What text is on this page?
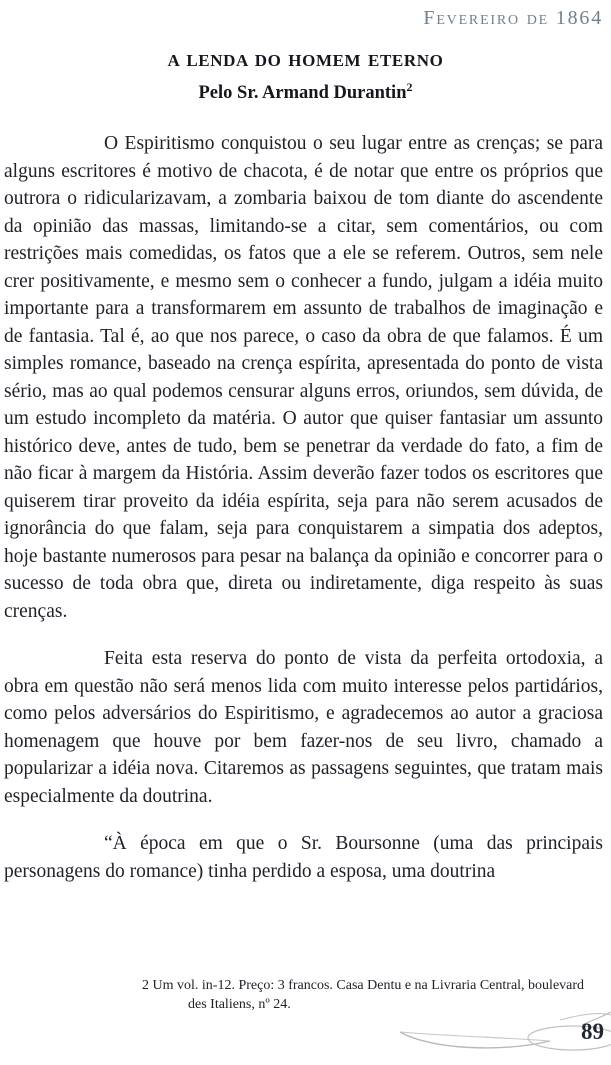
Fevereiro de 1864
A LENDA DO HOMEM ETERNO
Pelo Sr. Armand Durantin$^2$

O Espiritismo conquistou o seu lugar entre as crenças; se para alguns escritores é motivo de chacota, é de notar que entre os próprios que outrora o ridicularizavam, a zombaria baixou de tom diante do ascendente da opinião das massas, limitando-se a citar, sem comentários, ou com restrições mais comedidas, os fatos que a ele se referem. Outros, sem nele crer positivamente, e mesmo sem o conhecer a fundo, julgam a idéia muito importante para a transformarem em assunto de trabalhos de imaginação e de fantasia. Tal é, ao que nos parece, o caso da obra de que falamos. É um simples romance, baseado na crença espírita, apresentada do ponto de vista sério, mas ao qual podemos censurar alguns erros, oriundos, sem dúvida, de um estudo incompleto da matéria. O autor que quiser fantasiar um assunto histórico deve, antes de tudo, bem se penetrar da verdade do fato, a fim de não ficar à margem da História. Assim deverão fazer todos os escritores que quiserem tirar proveito da idéia espírita, seja para não serem acusados de ignorância do que falam, seja para conquistarem a simpatia dos adeptos, hoje bastante numerosos para pesar na balança da opinião e concorrer para o sucesso de toda obra que, direta ou indiretamente, diga respeito às suas crenças.

Feita esta reserva do ponto de vista da perfeita ortodoxia, a obra em questão não será menos lida com muito interesse pelos partidários, como pelos adversários do Espiritismo, e agradecemos ao autor a graciosa homenagem que houve por bem fazer-nos de seu livro, chamado a popularizar a idéia nova. Citaremos as passagens seguintes, que tratam mais especialmente da doutrina.

“À época em que o Sr. Boursonne (uma das principais personagens do romance) tinha perdido a esposa, uma doutrina

2 Um vol. in-12. Preço: 3 francos. Casa Dentu e na Livraria Central, boulevard des Italiens, nº 24.
89
